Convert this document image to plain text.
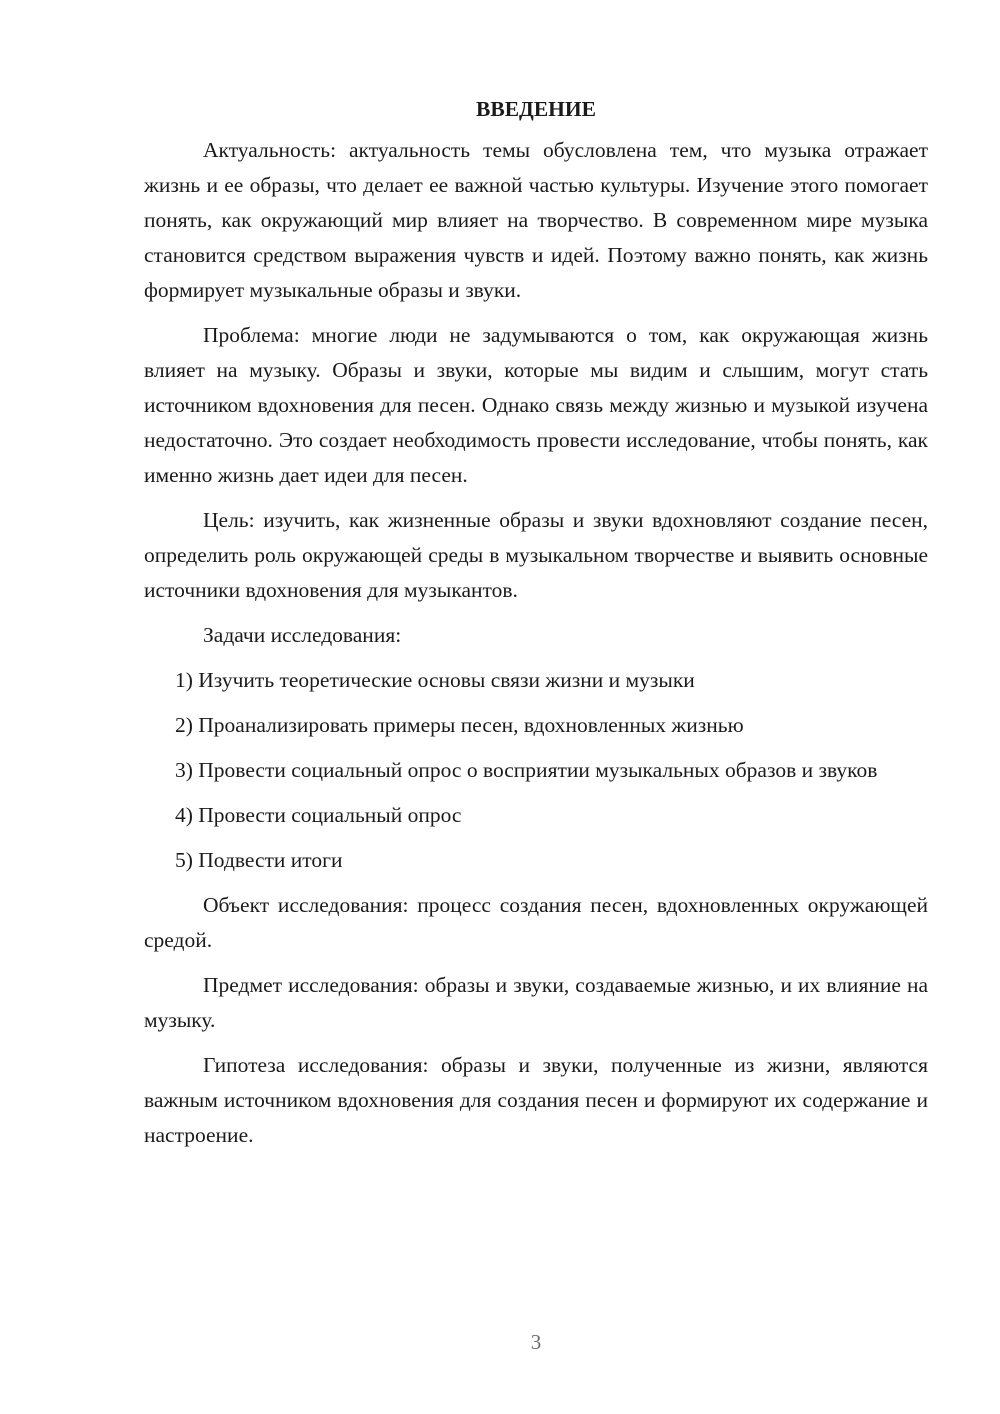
ВВЕДЕНИЕ

Актуальность: актуальность темы обусловлена тем, что музыка отражает жизнь и ее образы, что делает ее важной частью культуры. Изучение этого помогает понять, как окружающий мир влияет на творчество. В современном мире музыка становится средством выражения чувств и идей. Поэтому важно понять, как жизнь формирует музыкальные образы и звуки.

Проблема: многие люди не задумываются о том, как окружающая жизнь влияет на музыку. Образы и звуки, которые мы видим и слышим, могут стать источником вдохновения для песен. Однако связь между жизнью и музыкой изучена недостаточно. Это создает необходимость провести исследование, чтобы понять, как именно жизнь дает идеи для песен.

Цель: изучить, как жизненные образы и звуки вдохновляют создание песен, определить роль окружающей среды в музыкальном творчестве и выявить основные источники вдохновения для музыкантов.

Задачи исследования:

1) Изучить теоретические основы связи жизни и музыки

2) Проанализировать примеры песен, вдохновленных жизнью

3) Провести социальный опрос о восприятии музыкальных образов и звуков

4) Провести социальный опрос

5) Подвести итоги

Объект исследования: процесс создания песен, вдохновленных окружающей средой.

Предмет исследования: образы и звуки, создаваемые жизнью, и их влияние на музыку.

Гипотеза исследования: образы и звуки, полученные из жизни, являются важным источником вдохновения для создания песен и формируют их содержание и настроение.

3
